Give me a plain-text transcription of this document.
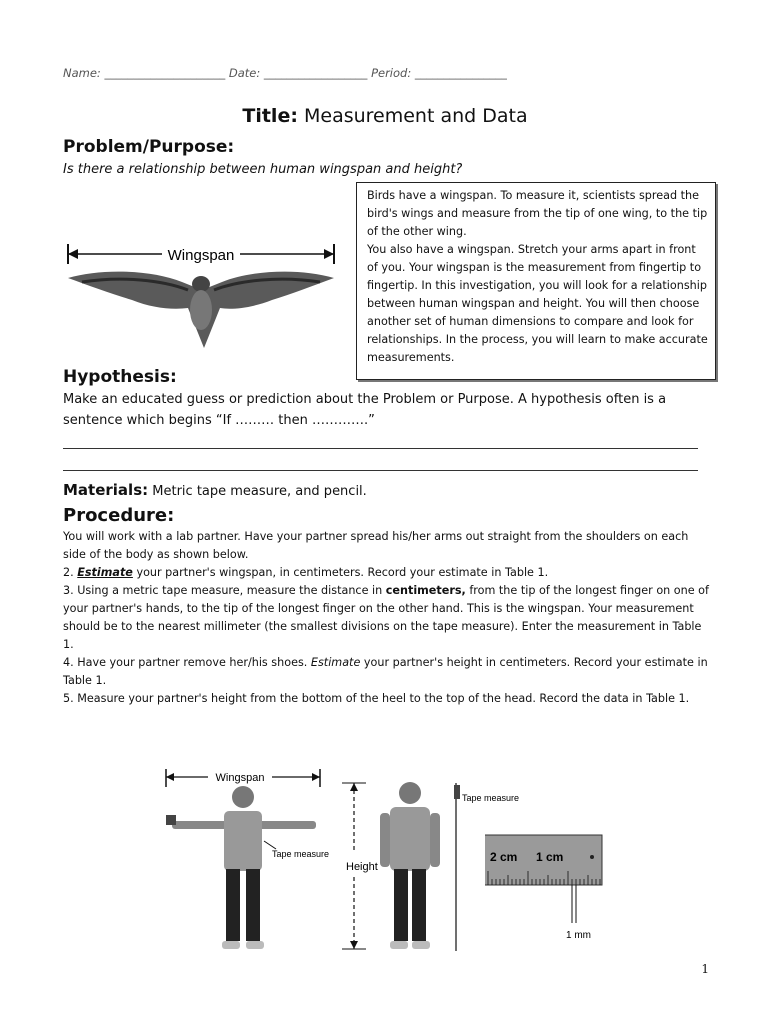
Name: _____________________ Date: __________________ Period: ________________
Title: Measurement and Data
Problem/Purpose:
Is there a relationship between human wingspan and height?
Wingspan

Birds have a wingspan. To measure it, scientists spread the bird's wings and measure from the tip of one wing, to the tip of the other wing.

You also have a wingspan. Stretch your arms apart in front of you. Your wingspan is the measurement from fingertip to fingertip. In this investigation, you will look for a relationship between human wingspan and height. You will then choose another set of human dimensions to compare and look for relationships. In the process, you will learn to make accurate measurements.

Hypothesis:
Make an educated guess or prediction about the Problem or Purpose. A hypothesis often is a sentence which begins “If ……… then ………….”
Materials: Metric tape measure, and pencil.
Procedure:

You will work with a lab partner. Have your partner spread his/her arms out straight from the shoulders on each side of the body as shown below.

2. Estimate your partner's wingspan, in centimeters. Record your estimate in Table 1.

3. Using a metric tape measure, measure the distance in centimeters, from the tip of the longest finger on one of your partner's hands, to the tip of the longest finger on the other hand. This is the wingspan. Your measurement should be to the nearest millimeter (the smallest divisions on the tape measure). Enter the measurement in Table 1.

4. Have your partner remove her/his shoes. Estimate your partner's height in centimeters. Record your estimate in Table 1.

5. Measure your partner's height from the bottom of the heel to the top of the head. Record the data in Table 1.

Wingspan
Tape measure
Height
Tape measure
2 cm 1 cm
1 mm
1
